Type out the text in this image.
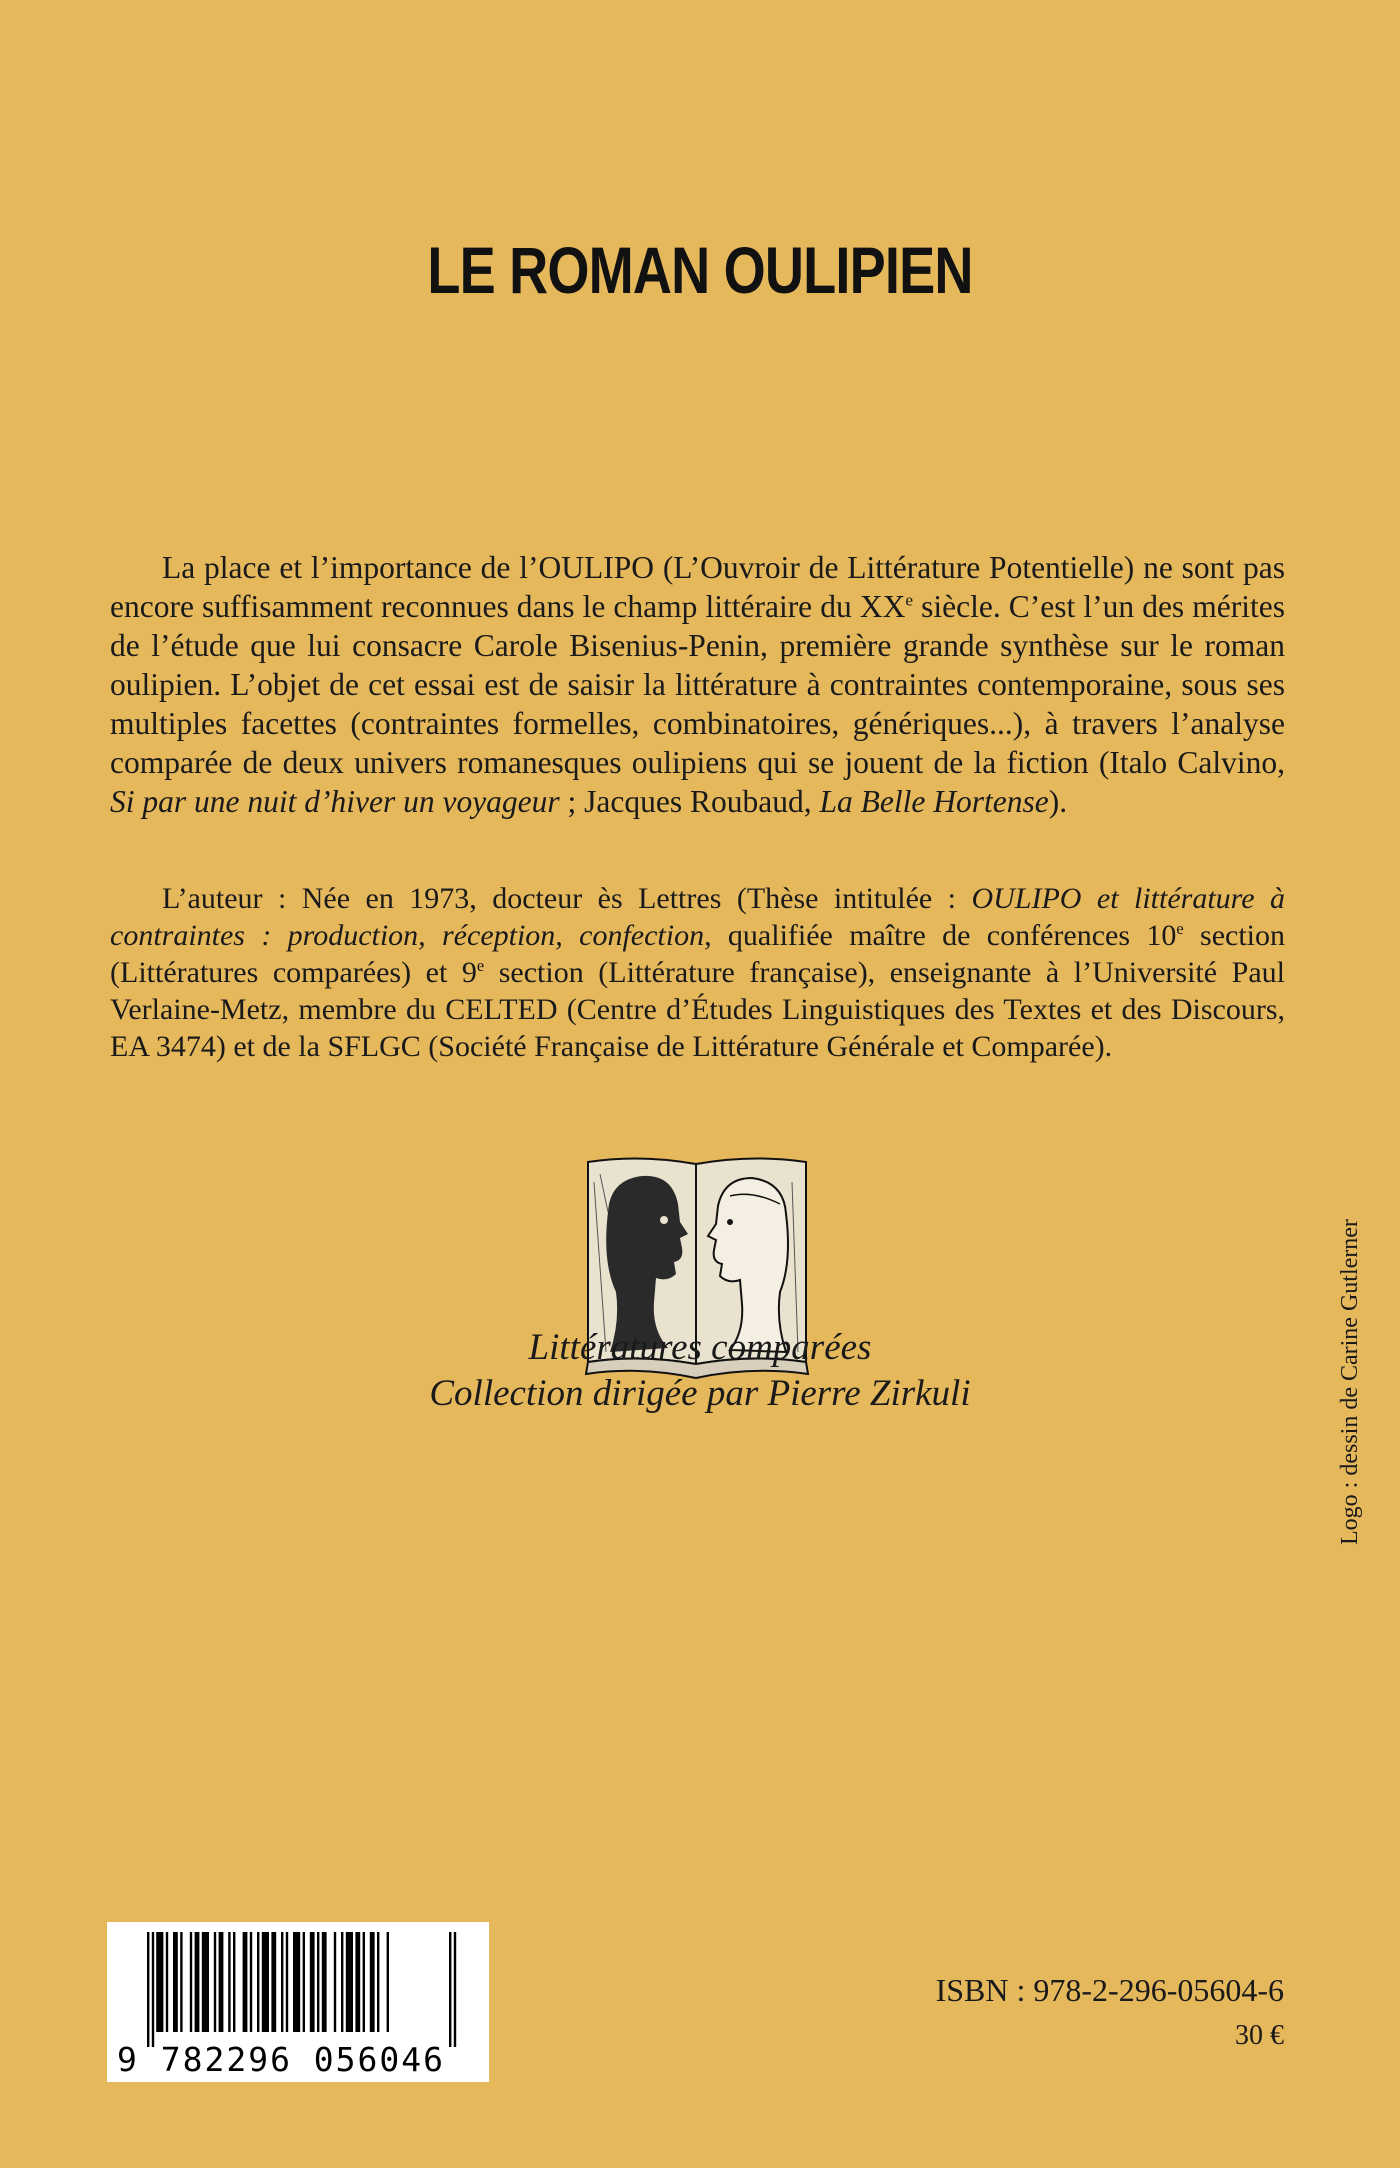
LE ROMAN OULIPIEN

La place et l’importance de l’OULIPO (L’Ouvroir de Littérature Potentielle) ne sont pas encore suffisamment reconnues dans le champ littéraire du XXe siècle. C’est l’un des mérites de l’étude que lui consacre Carole Bisenius-Penin, première grande synthèse sur le roman oulipien. L’objet de cet essai est de saisir la littérature à contraintes contemporaine, sous ses multiples facettes (contraintes formelles, combinatoires, génériques...), à travers l’analyse comparée de deux univers romanesques oulipiens qui se jouent de la fiction (Italo Calvino, Si par une nuit d’hiver un voyageur ; Jacques Roubaud, La Belle Hortense).

L’auteur : Née en 1973, docteur ès Lettres (Thèse intitulée : OULIPO et littérature à contraintes : production, réception, confection, qualifiée maître de conférences 10e section (Littératures comparées) et 9e section (Littérature française), enseignante à l’Université Paul Verlaine-Metz, membre du CELTED (Centre d’Études Linguistiques des Textes et des Discours, EA 3474) et de la SFLGC (Société Française de Littérature Générale et Comparée).

Littératures comparées
Collection dirigée par Pierre Zirkuli	Logo : dessin de Carine Gutlerner
9 782296 056046
ISBN : 978-2-296-05604-6
30 €
